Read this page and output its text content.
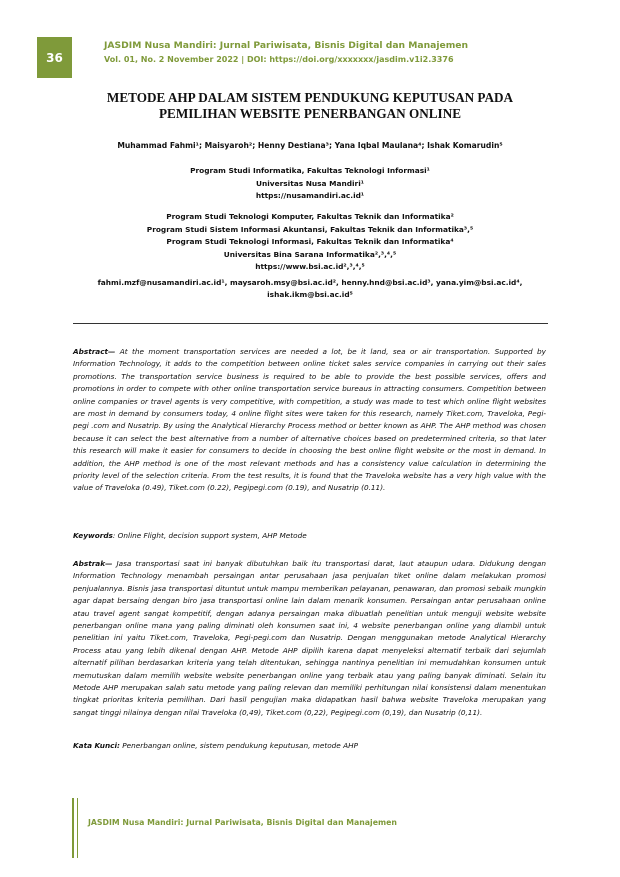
36
JASDIM Nusa Mandiri: Jurnal Pariwisata, Bisnis Digital dan Manajemen
Vol. 01, No. 2 November 2022 | DOI: https://doi.org/xxxxxxx/jasdim.v1i2.3376
METODE AHP DALAM SISTEM PENDUKUNG KEPUTUSAN PADA
PEMILIHAN WEBSITE PENERBANGAN ONLINE
Muhammad Fahmi¹; Maisyaroh²; Henny Destiana³; Yana Iqbal Maulana⁴; Ishak Komarudin⁵
Program Studi Informatika, Fakultas Teknologi Informasi¹
Universitas Nusa Mandiri¹
https://nusamandiri.ac.id¹
Program Studi Teknologi Komputer, Fakultas Teknik dan Informatika²
Program Studi Sistem Informasi Akuntansi, Fakultas Teknik dan Informatika³,⁵
Program Studi Teknologi Informasi, Fakultas Teknik dan Informatika⁴
Universitas Bina Sarana Informatika²,³,⁴,⁵
https://www.bsi.ac.id²,³,⁴,⁵
fahmi.mzf@nusamandiri.ac.id¹, maysaroh.msy@bsi.ac.id², henny.hnd@bsi.ac.id³, yana.yim@bsi.ac.id⁴,
ishak.ikm@bsi.ac.id⁵
Abstract— At the moment transportation services are needed a lot, be it land, sea or air transportation. Supported by Information Technology, it adds to the competition between online ticket sales service companies in carrying out their sales promotions. The transportation service business is required to be able to provide the best possible services, offers and promotions in order to compete with other online transportation service bureaus in attracting consumers. Competition between online companies or travel agents is very competitive, with competition, a study was made to test which online flight websites are most in demand by consumers today, 4 online flight sites were taken for this research, namely Tiket.com, Traveloka, Pegi-pegi .com and Nusatrip. By using the Analytical Hierarchy Process method or better known as AHP. The AHP method was chosen because it can select the best alternative from a number of alternative choices based on predetermined criteria, so that later this research will make it easier for consumers to decide in choosing the best online flight website or the most in demand. In addition, the AHP method is one of the most relevant methods and has a consistency value calculation in determining the priority level of the selection criteria. From the test results, it is found that the Traveloka website has a very high value with the value of Traveloka (0.49), Tiket.com (0.22), Pegipegi.com (0.19), and Nusatrip (0.11).
Keywords: Online Flight, decision support system, AHP Metode
Abstrak— Jasa transportasi saat ini banyak dibutuhkan baik itu transportasi darat, laut ataupun udara. Didukung dengan Information Technology menambah persaingan antar perusahaan jasa penjualan tiket online dalam melakukan promosi penjualannya. Bisnis jasa transportasi dituntut untuk mampu memberikan pelayanan, penawaran, dan promosi sebaik mungkin agar dapat bersaing dengan biro jasa transportasi online lain dalam menarik konsumen. Persaingan antar perusahaan online atau travel agent sangat kompetitif, dengan adanya persaingan maka dibuatlah penelitian untuk menguji website website penerbangan online mana yang paling diminati oleh konsumen saat ini, 4 website penerbangan online yang diambil untuk penelitian ini yaitu Tiket.com, Traveloka, Pegi-pegi.com dan Nusatrip. Dengan menggunakan metode Analytical Hierarchy Process atau yang lebih dikenal dengan AHP. Metode AHP dipilih karena dapat menyeleksi alternatif terbaik dari sejumlah alternatif pilihan berdasarkan kriteria yang telah ditentukan, sehingga nantinya penelitian ini memudahkan konsumen untuk memutuskan dalam memilih website website penerbangan online yang terbaik atau yang paling banyak diminati. Selain itu Metode AHP merupakan salah satu metode yang paling relevan dan memiliki perhitungan nilai konsistensi dalam menentukan tingkat prioritas kriteria pemilihan. Dari hasil pengujian maka didapatkan hasil bahwa website Traveloka merupakan yang sangat tinggi nilainya dengan nilai Traveloka (0,49), Tiket.com (0,22), Pegipegi.com (0,19), dan Nusatrip (0,11).
Kata Kunci: Penerbangan online, sistem pendukung keputusan, metode AHP
JASDIM Nusa Mandiri: Jurnal Pariwisata, Bisnis Digital dan Manajemen
